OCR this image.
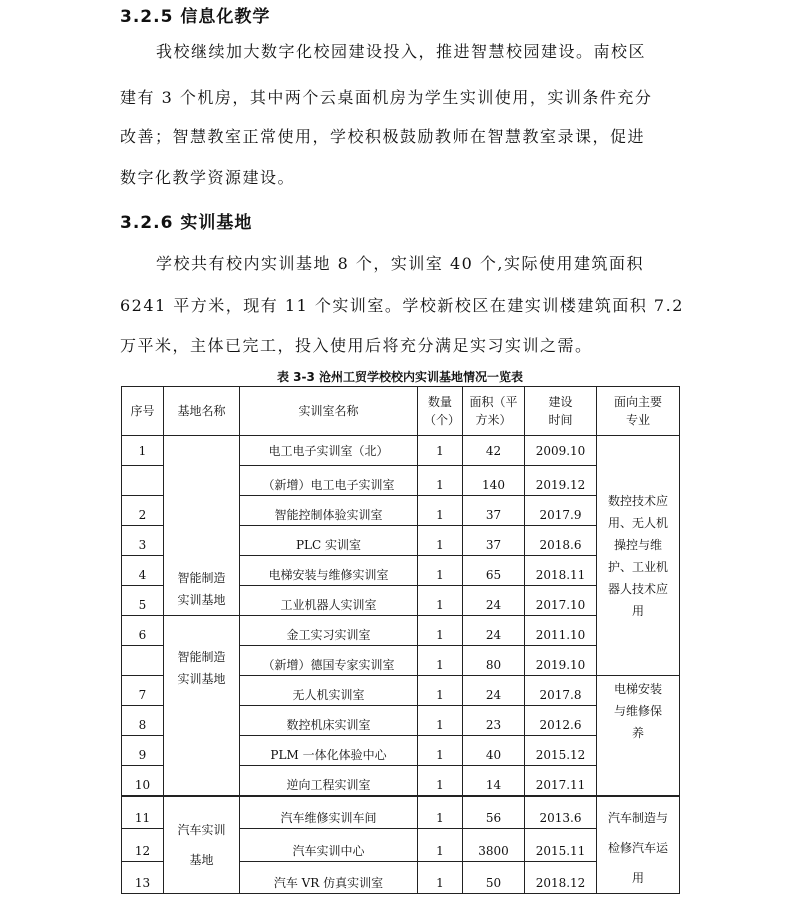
3.2.5 信息化教学
我校继续加大数字化校园建设投入，推进智慧校园建设。南校区
建有 3 个机房，其中两个云桌面机房为学生实训使用，实训条件充分
改善；智慧教室正常使用，学校积极鼓励教师在智慧教室录课，促进
数字化教学资源建设。
3.2.6 实训基地
学校共有校内实训基地 8 个，实训室 40 个,实际使用建筑面积
6241 平方米，现有 11 个实训室。学校新校区在建实训楼建筑面积 7.2
万平米，主体已完工，投入使用后将充分满足实习实训之需。
表 3-3 沧州工贸学校校内实训基地情况一览表
序号	基地名称	实训室名称	数量（个）	面积（平方米）	建设时间	面向主要专业
1	智能制造实训基地	电工电子实训室（北）	1	42	2009.10	数控技术应用、无人机操控与维护、工业机器人技术应用
		（新增）电工电子实训室	1	140	2019.12	
2		智能控制体验实训室	1	37	2017.9	
3		PLC 实训室	1	37	2018.6	
4		电梯安装与维修实训室	1	65	2018.11	
5		工业机器人实训室	1	24	2017.10	
6	智能制造实训基地	金工实习实训室	1	24	2011.10	
		（新增）德国专家实训室	1	80	2019.10	
7		无人机实训室	1	24	2017.8	电梯安装与维修保养
8		数控机床实训室	1	23	2012.6	
9		PLM 一体化体验中心	1	40	2015.12	
10		逆向工程实训室	1	14	2017.11	
11	汽车实训基地	汽车维修实训车间	1	56	2013.6	汽车制造与检修汽车运用
12		汽车实训中心	1	3800	2015.11	
13		汽车 VR 仿真实训室	1	50	2018.12	
